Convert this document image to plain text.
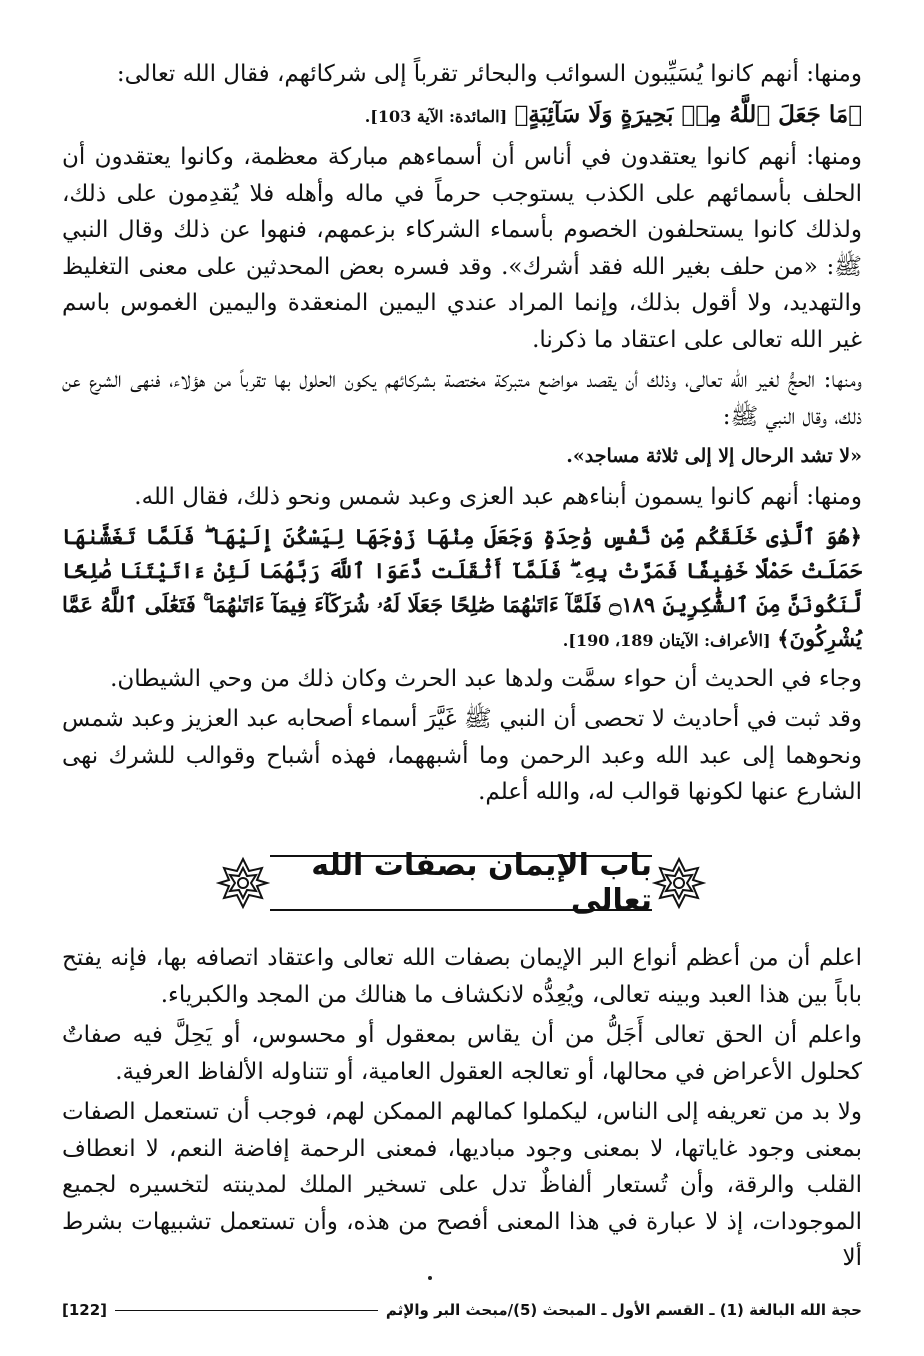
ومنها: أنهم كانوا يُسَيِّبون السوائب والبحائر تقرباً إلى شركائهم، فقال الله تعالى:

﴿مَا جَعَلَ ٱللَّهُ مِنۢ بَحِيرَةٍ وَلَا سَآئِبَةٍ﴾ [المائدة: الآية 103].

ومنها: أنهم كانوا يعتقدون في أناس أن أسماءهم مباركة معظمة، وكانوا يعتقدون أن الحلف بأسمائهم على الكذب يستوجب حرماً في ماله وأهله فلا يُقدِمون على ذلك، ولذلك كانوا يستحلفون الخصوم بأسماء الشركاء بزعمهم، فنهوا عن ذلك وقال النبي ﷺ: «من حلف بغير الله فقد أشرك». وقد فسره بعض المحدثين على معنى التغليظ والتهديد، ولا أقول بذلك، وإنما المراد عندي اليمين المنعقدة واليمين الغموس باسم غير الله تعالى على اعتقاد ما ذكرنا.

ومنها: الحجُّ لغير الله تعالى، وذلك أن يقصد مواضع متبركة مختصة بشركائهم يكون الحلول بها تقرباً من هؤلاء، فنهى الشرع عن ذلك، وقال النبي ﷺ:

«لا تشد الرحال إلا إلى ثلاثة مساجد».

ومنها: أنهم كانوا يسمون أبناءهم عبد العزى وعبد شمس ونحو ذلك، فقال الله.

﴿هُوَ ٱلَّذِى خَلَقَكُم مِّن نَّفْسٍ وَٰحِدَةٍ وَجَعَلَ مِنْهَا زَوْجَهَا لِيَسْكُنَ إِلَيْهَا ۖ فَلَمَّا تَغَشَّىٰهَا حَمَلَتْ حَمْلًا خَفِيفًا فَمَرَّتْ بِهِۦ ۖ فَلَمَّآ أَثْقَلَت دَّعَوَا ٱللَّهَ رَبَّهُمَا لَئِنْ ءَاتَيْتَنَا صَٰلِحًا لَّنَكُونَنَّ مِنَ ٱلشَّٰكِرِينَ ۝١٨٩ فَلَمَّآ ءَاتَىٰهُمَا صَٰلِحًا جَعَلَا لَهُۥ شُرَكَآءَ فِيمَآ ءَاتَىٰهُمَا ۚ فَتَعَٰلَى ٱللَّهُ عَمَّا يُشْرِكُونَ﴾ [الأعراف: الآيتان 189، 190].

وجاء في الحديث أن حواء سمَّت ولدها عبد الحرث وكان ذلك من وحي الشيطان.

وقد ثبت في أحاديث لا تحصى أن النبي ﷺ غَيَّرَ أسماء أصحابه عبد العزيز وعبد شمس ونحوهما إلى عبد الله وعبد الرحمن وما أشبههما، فهذه أشباح وقوالب للشرك نهى الشارع عنها لكونها قوالب له، والله أعلم.

باب الإيمان بصفات الله تعالى

اعلم أن من أعظم أنواع البر الإيمان بصفات الله تعالى واعتقاد اتصافه بها، فإنه يفتح باباً بين هذا العبد وبينه تعالى، ويُعِدُّه لانكشاف ما هنالك من المجد والكبرياء.

واعلم أن الحق تعالى أَجَلُّ من أن يقاس بمعقول أو محسوس، أو يَحِلَّ فيه صفاتٌ كحلول الأعراض في محالها، أو تعالجه العقول العامية، أو تتناوله الألفاظ العرفية.

ولا بد من تعريفه إلى الناس، ليكملوا كمالهم الممكن لهم، فوجب أن تستعمل الصفات بمعنى وجود غاياتها، لا بمعنى وجود مباديها، فمعنى الرحمة إفاضة النعم، لا انعطاف القلب والرقة، وأن تُستعار ألفاظٌ تدل على تسخير الملك لمدينته لتخسيره لجميع الموجودات، إذ لا عبارة في هذا المعنى أفصح من هذه، وأن تستعمل تشبيهات بشرط ألا

حجة الله البالغة (1) ـ القسم الأول ـ المبحث (5)/مبحث البر والإثم
[122]
